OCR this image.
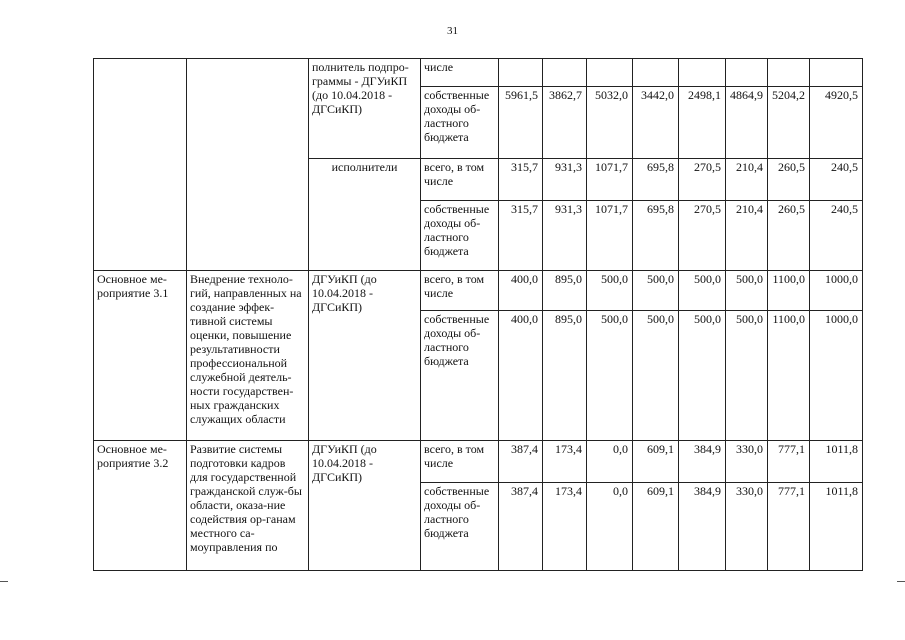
31
		полнитель подпро-граммы - ДГУиКП (до 10.04.2018 - ДГСиКП)	числе								
			собственные доходы об-ластного бюджета	5961,5	3862,7	5032,0	3442,0	2498,1	4864,9	5204,2	4920,5
		исполнители	всего, в том числе	315,7	931,3	1071,7	695,8	270,5	210,4	260,5	240,5
			собственные доходы об-ластного бюджета	315,7	931,3	1071,7	695,8	270,5	210,4	260,5	240,5
Основное ме-роприятие 3.1	Внедрение техноло-гий, направленных на создание эффек-тивной системы оценки, повышение результативности профессиональной служебной деятель-ности государствен-ных гражданских служащих области	ДГУиКП (до 10.04.2018 - ДГСиКП)	всего, в том числе	400,0	895,0	500,0	500,0	500,0	500,0	1100,0	1000,0
			собственные доходы об-ластного бюджета	400,0	895,0	500,0	500,0	500,0	500,0	1100,0	1000,0
Основное ме-роприятие 3.2	Развитие системы подготовки кадров для государственной гражданской служ-бы области, оказа-ние содействия ор-ганам местного са-моуправления по	ДГУиКП (до 10.04.2018 - ДГСиКП)	всего, в том числе	387,4	173,4	0,0	609,1	384,9	330,0	777,1	1011,8
			собственные доходы об-ластного бюджета	387,4	173,4	0,0	609,1	384,9	330,0	777,1	1011,8
